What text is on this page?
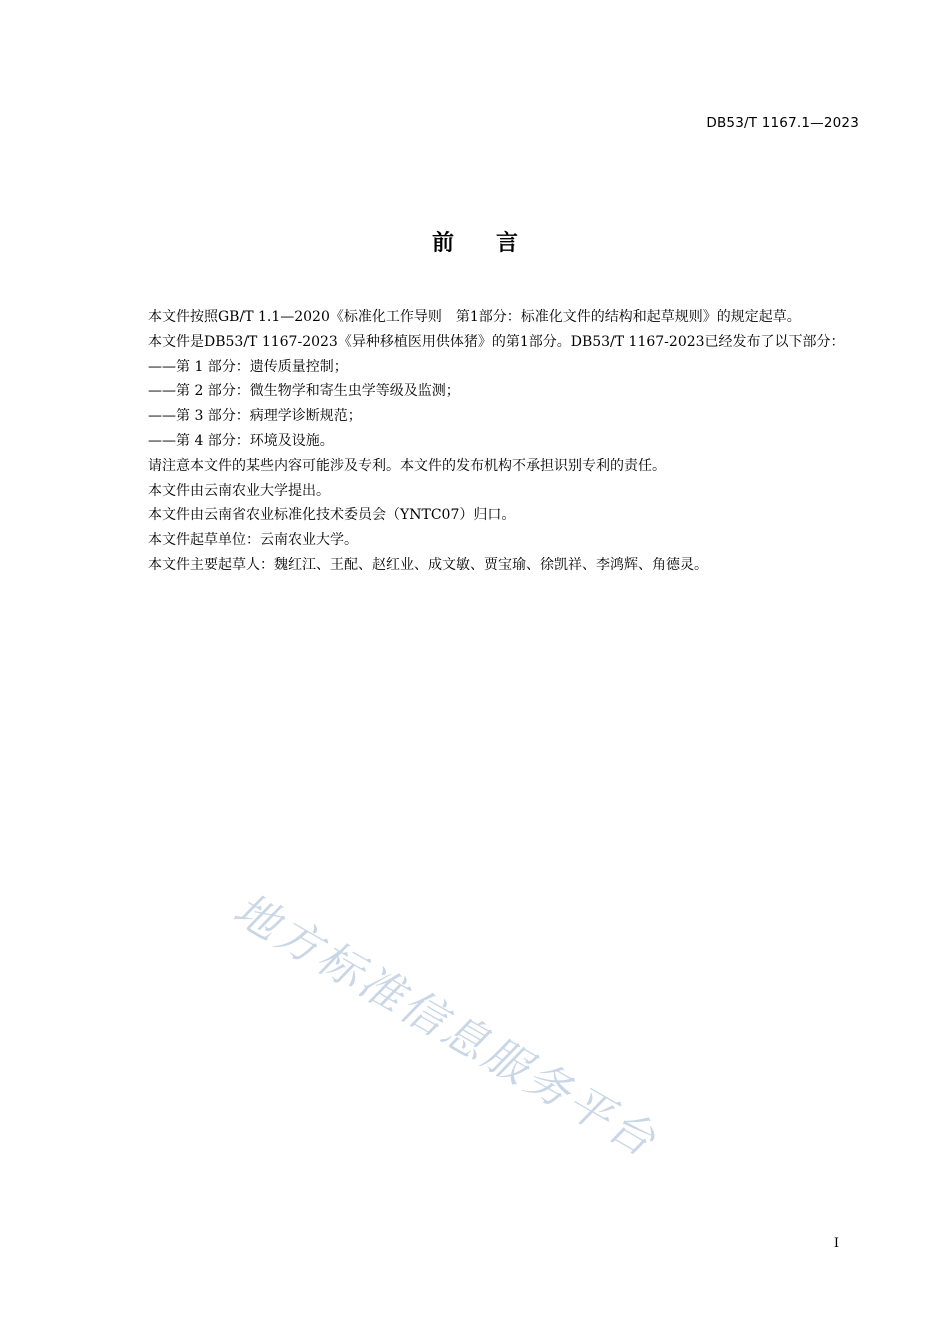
DB53/T 1167.1—2023
前言

本文件按照GB/T 1.1—2020《标准化工作导则　第1部分：标准化文件的结构和起草规则》的规定起草。

本文件是DB53/T 1167-2023《异种移植医用供体猪》的第1部分。DB53/T 1167-2023已经发布了以下部分：

——第 1 部分：遗传质量控制；

——第 2 部分：微生物学和寄生虫学等级及监测；

——第 3 部分：病理学诊断规范；

——第 4 部分：环境及设施。

请注意本文件的某些内容可能涉及专利。本文件的发布机构不承担识别专利的责任。

本文件由云南农业大学提出。

本文件由云南省农业标准化技术委员会（YNTC07）归口。

本文件起草单位：云南农业大学。

本文件主要起草人：魏红江、王配、赵红业、成文敏、贾宝瑜、徐凯祥、李鸿辉、角德灵。

地方标准信息服务平台
I
